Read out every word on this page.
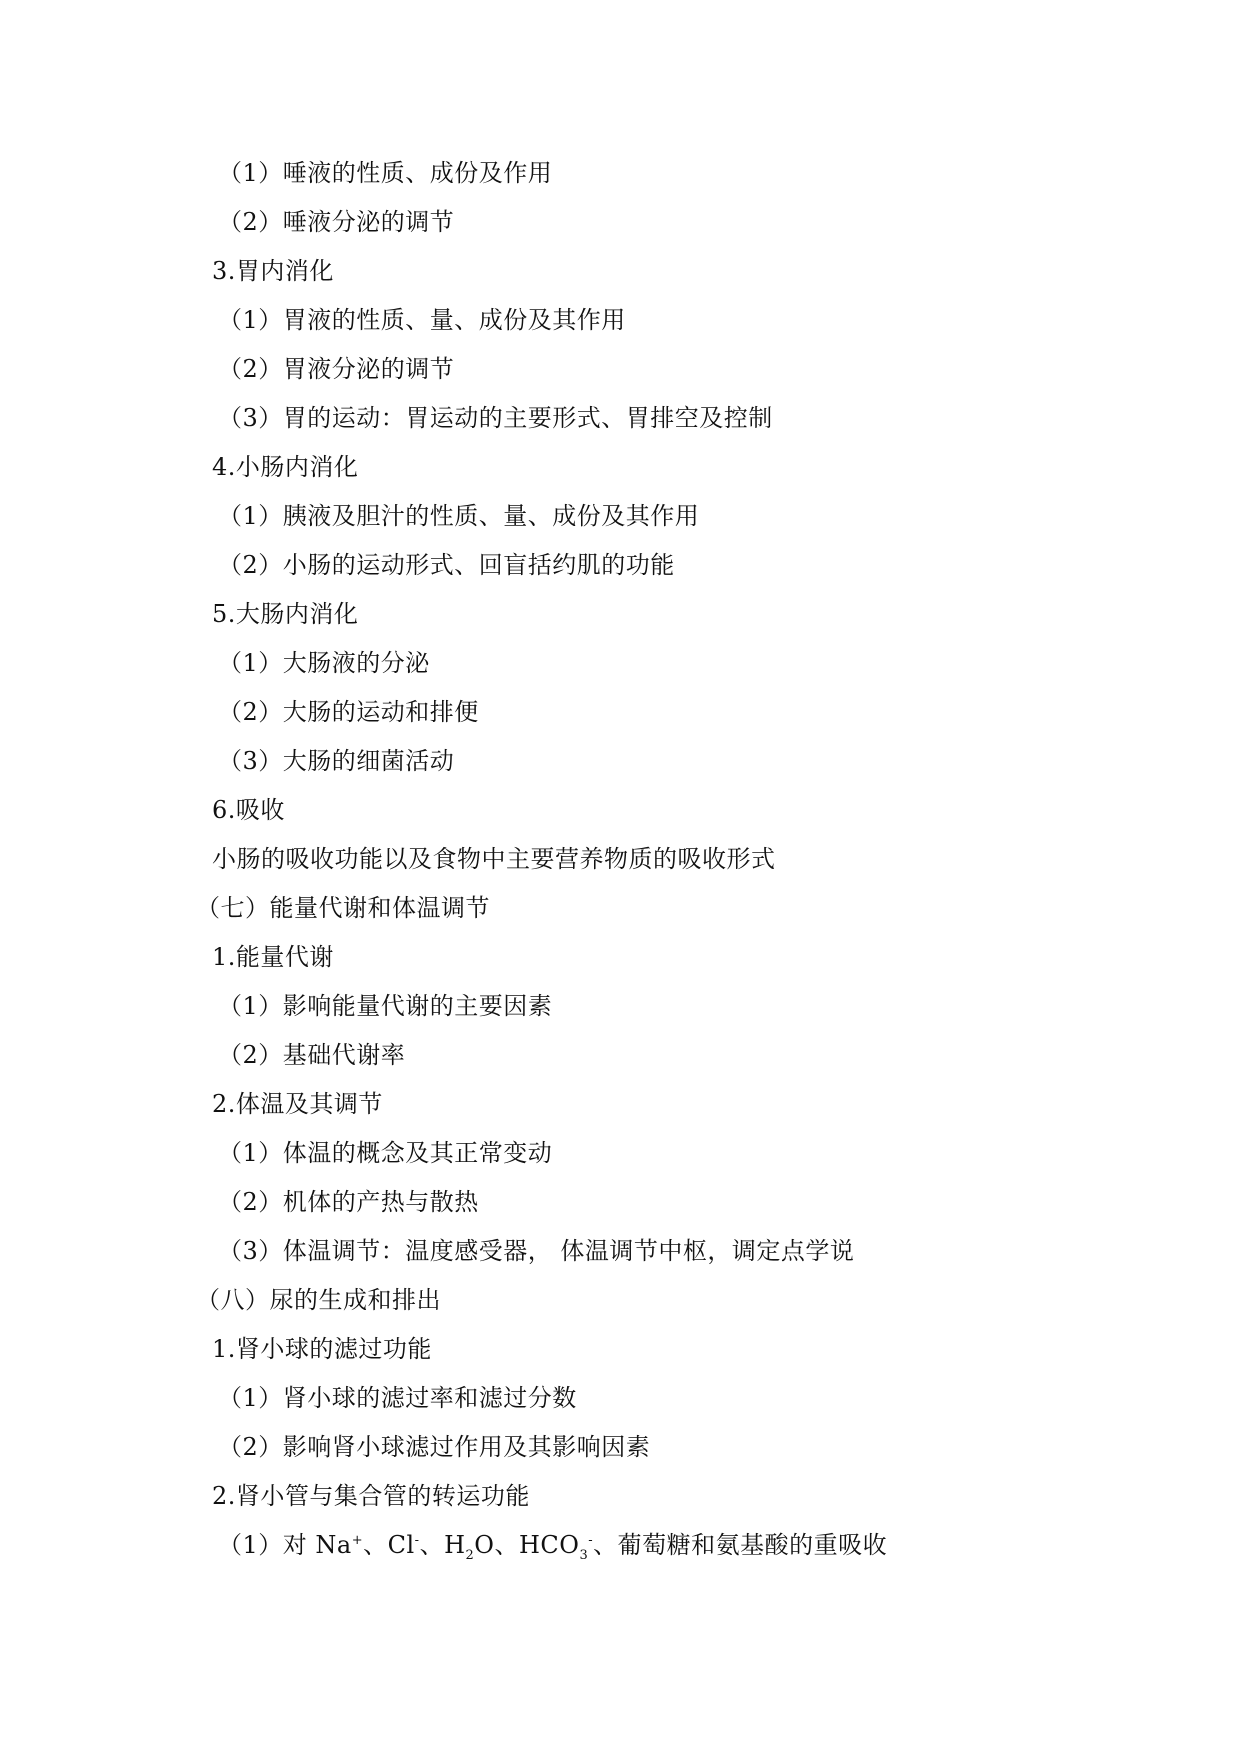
（1）唾液的性质、成份及作用
（2）唾液分泌的调节
3.胃内消化
（1）胃液的性质、量、成份及其作用
（2）胃液分泌的调节
（3）胃的运动：胃运动的主要形式、胃排空及控制
4.小肠内消化
（1）胰液及胆汁的性质、量、成份及其作用
（2）小肠的运动形式、回盲括约肌的功能
5.大肠内消化
（1）大肠液的分泌
（2）大肠的运动和排便
（3）大肠的细菌活动
6.吸收
小肠的吸收功能以及食物中主要营养物质的吸收形式
（七）能量代谢和体温调节
1.能量代谢
（1）影响能量代谢的主要因素
（2）基础代谢率
2.体温及其调节
（1）体温的概念及其正常变动
（2）机体的产热与散热
（3）体温调节：温度感受器， 体温调节中枢，调定点学说
（八）尿的生成和排出
1.肾小球的滤过功能
（1）肾小球的滤过率和滤过分数
（2）影响肾小球滤过作用及其影响因素
2.肾小管与集合管的转运功能
（1）对 Na+、Cl-、$H_2O$、$HCO_3^-$、葡萄糖和氨基酸的重吸收
